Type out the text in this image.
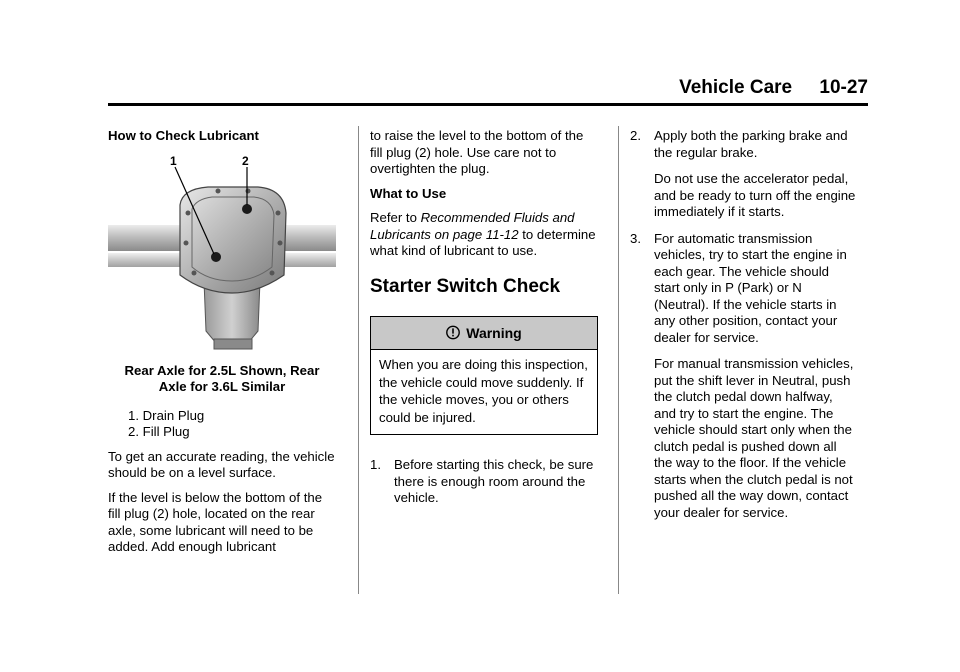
Vehicle Care 10-27

How to Check Lubricant

1	2
Rear Axle for 2.5L Shown, Rear
Axle for 3.6L Similar
1. Drain Plug
2. Fill Plug

To get an accurate reading, the vehicle should be on a level surface.

If the level is below the bottom of the fill plug (2) hole, located on the rear axle, some lubricant will need to be added. Add enough lubricant

to raise the level to the bottom of the fill plug (2) hole. Use care not to overtighten the plug.

What to Use

Refer to Recommended Fluids and Lubricants on page 11-12 to determine what kind of lubricant to use.

Starter Switch Check
Warning
When you are doing this inspection, the vehicle could move suddenly. If the vehicle moves, you or others could be injured.
1. Before starting this check, be sure there is enough room around the vehicle.
2. Apply both the parking brake and the regular brake.
Do not use the accelerator pedal, and be ready to turn off the engine immediately if it starts.
3. For automatic transmission vehicles, try to start the engine in each gear. The vehicle should start only in P (Park) or N (Neutral). If the vehicle starts in any other position, contact your dealer for service.
For manual transmission vehicles, put the shift lever in Neutral, push the clutch pedal down halfway, and try to start the engine. The vehicle should start only when the clutch pedal is pushed down all the way to the floor. If the vehicle starts when the clutch pedal is not pushed all the way down, contact your dealer for service.
